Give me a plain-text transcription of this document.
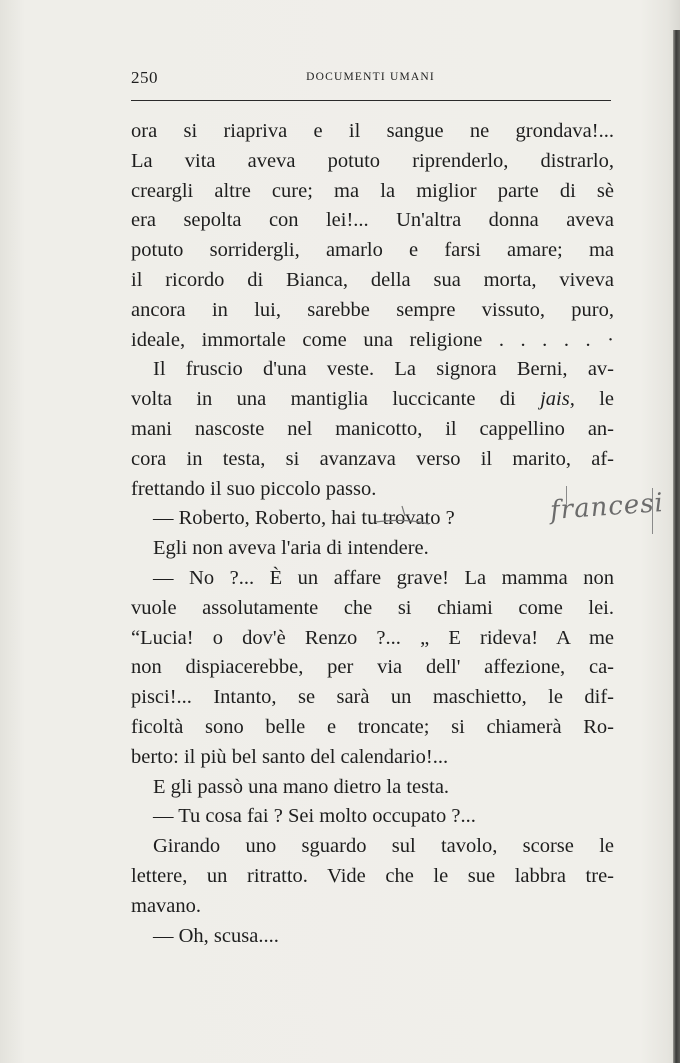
250	DOCUMENTI UMANI
ora si riapriva e il sangue ne grondava!...
La vita aveva potuto riprenderlo, distrarlo,
creargli altre cure; ma la miglior parte di sè
era sepolta con lei!... Un'altra donna aveva
potuto sorridergli, amarlo e farsi amare; ma
il ricordo di Bianca, della sua morta, viveva
ancora in lui, sarebbe sempre vissuto, puro,
ideale, immortale come una religione . . . . . ·
Il fruscio d'una veste. La signora Berni, av-
volta in una mantiglia luccicante di jais, le
mani nascoste nel manicotto, il cappellino an-
cora in testa, si avanzava verso il marito, af-
frettando il suo piccolo passo.
— Roberto, Roberto, hai tu trovato ?
Egli non aveva l'aria di intendere.
— No ?... È un affare grave! La mamma non
vuole assolutamente che si chiami come lei.
“Lucia! o dov'è Renzo ?... „ E rideva! A me
non dispiacerebbe, per via dell' affezione, ca-
pisci!... Intanto, se sarà un maschietto, le dif-
ficoltà sono belle e troncate; si chiamerà Ro-
berto: il più bel santo del calendario!...
E gli passò una mano dietro la testa.
— Tu cosa fai ? Sei molto occupato ?...
Girando uno sguardo sul tavolo, scorse le
lettere, un ritratto. Vide che le sue labbra tre-
mavano.
— Oh, scusa....
francesi
